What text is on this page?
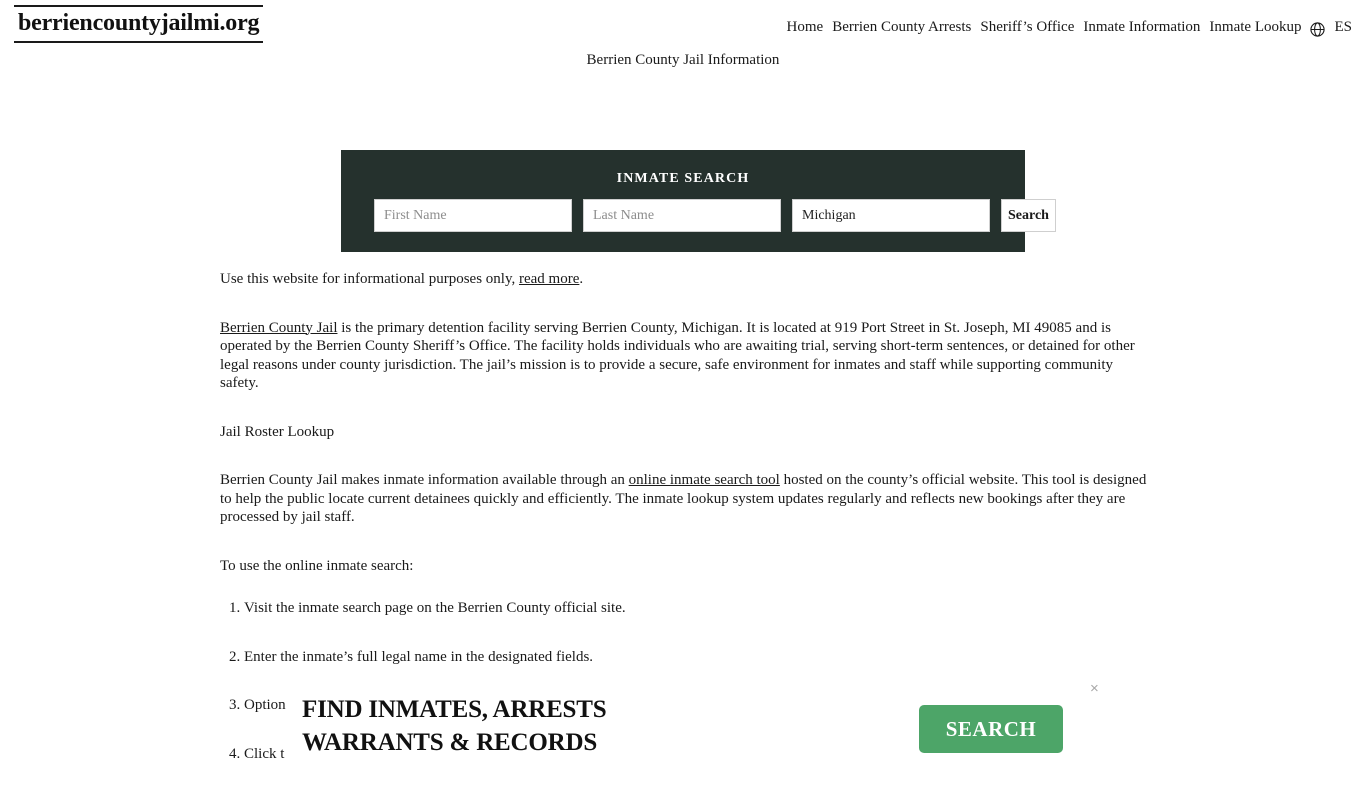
berriencountyjailmi.org	Home Berrien County Arrests Sheriff’s Office Inmate Information Inmate Lookup ES
Berrien County Jail Information
INMATE SEARCH
First Name
Last Name
Michigan
Search

Use this website for informational purposes only, read more.

Berrien County Jail is the primary detention facility serving Berrien County, Michigan. It is located at 919 Port Street in St. Joseph, MI 49085 and is operated by the Berrien County Sheriff’s Office. The facility holds individuals who are awaiting trial, serving short-term sentences, or detained for other legal reasons under county jurisdiction. The jail’s mission is to provide a secure, safe environment for inmates and staff while supporting community safety.

Jail Roster Lookup

Berrien County Jail makes inmate information available through an online inmate search tool hosted on the county’s official website. This tool is designed to help the public locate current detainees quickly and efficiently. The inmate lookup system updates regularly and reflects new bookings after they are processed by jail staff.

To use the online inmate search:

1. Visit the inmate search page on the Berrien County official site.
2. Enter the inmate’s full legal name in the designated fields.
3. Option
4. Click t
FIND INMATES, ARRESTS
WARRANTS & RECORDS
SEARCH
×
